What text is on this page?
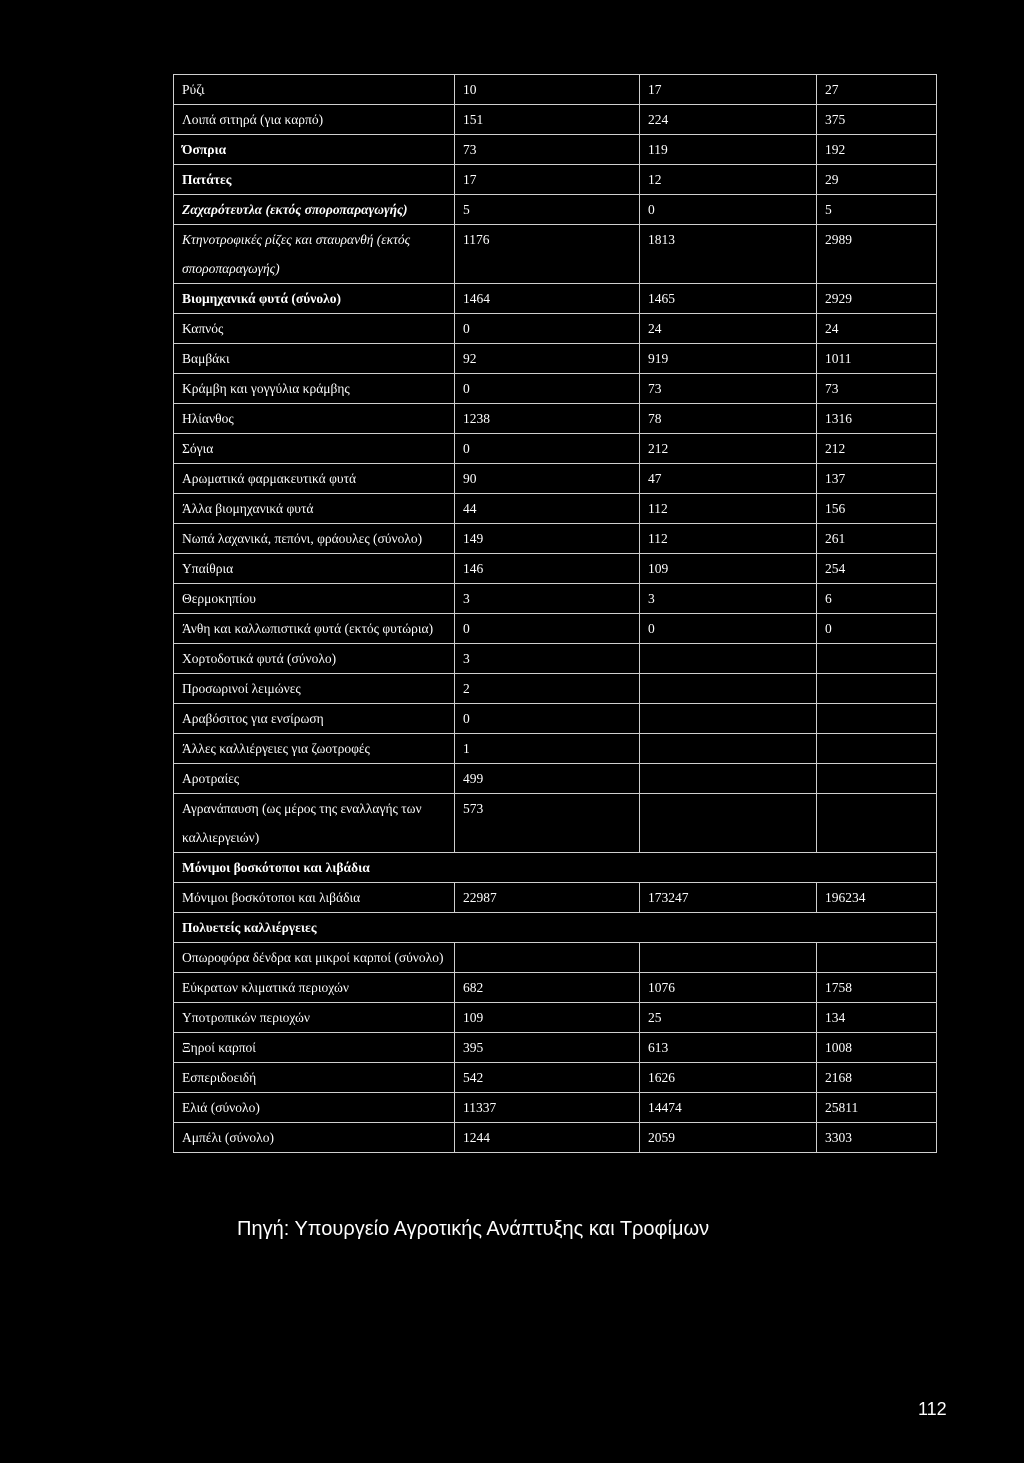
Ρύζι	10	17	27
Λοιπά σιτηρά (για καρπό)	151	224	375
Όσπρια	73	119	192
Πατάτες	17	12	29
Ζαχαρότευτλα (εκτός σποροπαραγωγής)	5	0	5
Κτηνοτροφικές ρίζες και σταυρανθή (εκτός σποροπαραγωγής)	1176	1813	2989
Βιομηχανικά φυτά (σύνολο)	1464	1465	2929
Καπνός	0	24	24
Βαμβάκι	92	919	1011
Κράμβη και γογγύλια κράμβης	0	73	73
Ηλίανθος	1238	78	1316
Σόγια	0	212	212
Αρωματικά φαρμακευτικά φυτά	90	47	137
Άλλα βιομηχανικά φυτά	44	112	156
Νωπά λαχανικά, πεπόνι, φράουλες (σύνολο)	149	112	261
Υπαίθρια	146	109	254
Θερμοκηπίου	3	3	6
Άνθη και καλλωπιστικά φυτά (εκτός φυτώρια)	0	0	0
Χορτοδοτικά φυτά (σύνολο)	3		
Προσωρινοί λειμώνες	2		
Αραβόσιτος για ενσίρωση	0		
Άλλες καλλιέργειες για ζωοτροφές	1		
Αροτραίες	499		
Αγρανάπαυση (ως μέρος της εναλλαγής των καλλιεργειών)	573		
Μόνιμοι βοσκότοποι και λιβάδια			
Μόνιμοι βοσκότοποι και λιβάδια	22987	173247	196234
Πολυετείς καλλιέργειες			
Οπωροφόρα δένδρα και μικροί καρποί (σύνολο)			
Εύκρατων κλιματικά περιοχών	682	1076	1758
Υποτροπικών περιοχών	109	25	134
Ξηροί καρποί	395	613	1008
Εσπεριδοειδή	542	1626	2168
Ελιά (σύνολο)	11337	14474	25811
Αμπέλι (σύνολο)	1244	2059	3303
Πηγή: Υπουργείο Αγροτικής Ανάπτυξης και Τροφίμων
112
